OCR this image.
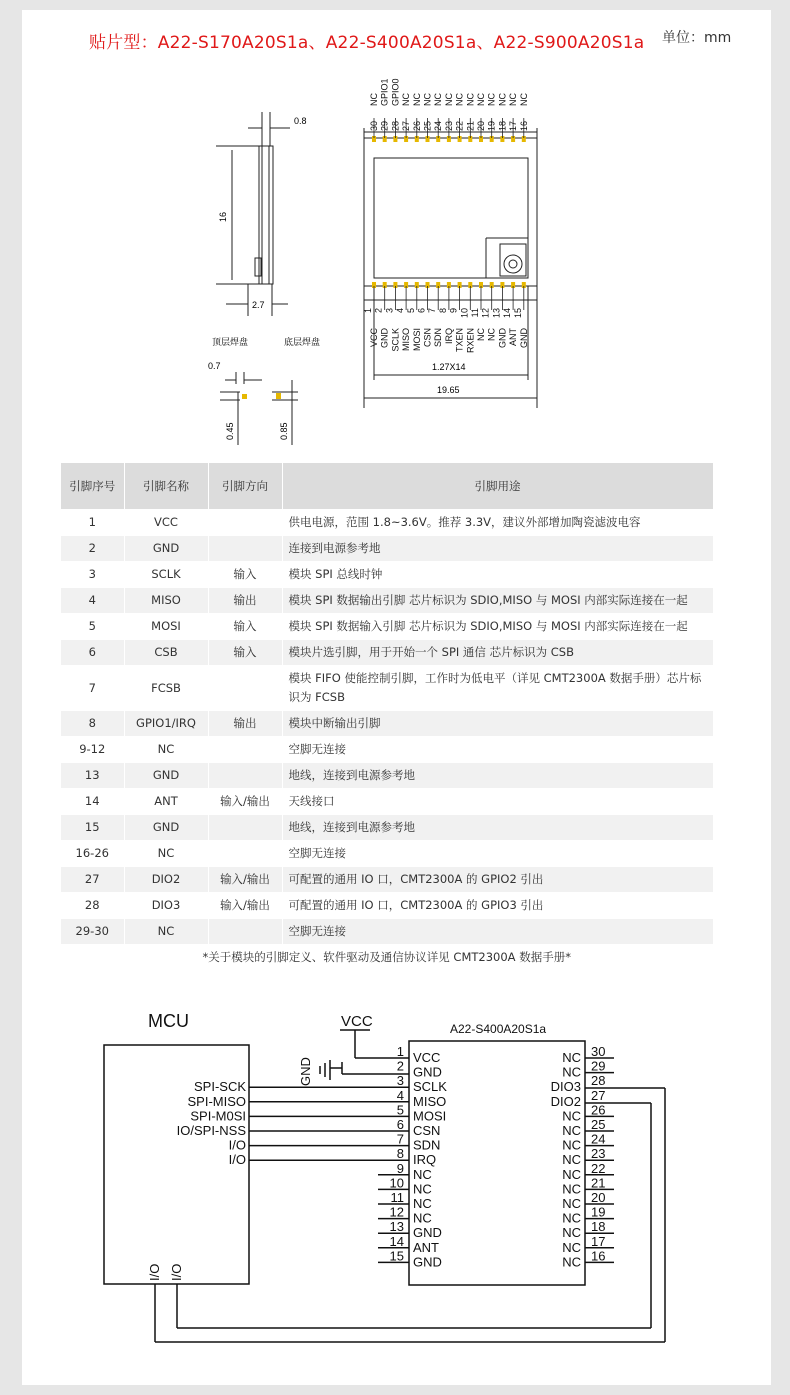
贴片型：A22-S170A20S1a、A22-S400A20S1a、A22-S900A20S1a 单位：mm
30
NC
29
GPIO1
28
GPIO0
27
NC
26
NC
25
NC
24
NC
23
NC
22
NC
21
NC
20
NC
19
NC
18
NC
17
NC
16
NC
1
VCC
2
GND
3
SCLK
4
MISO
5
MOSI
6
CSN
7
SDN
8
IRQ
9
TXEN
10
RXEN
11
NC
12
NC
13
GND
14
ANT
15
GND
0.8
16
2.7
顶层焊盘	底层焊盘
0.7
0.45	0.85
1.27X14
19.65
引脚序号	引脚名称	引脚方向	引脚用途
1	VCC		供电电源，范围 1.8~3.6V。推荐 3.3V，建议外部增加陶瓷滤波电容
2	GND		连接到电源参考地
3	SCLK	输入	模块 SPI 总线时钟
4	MISO	输出	模块 SPI 数据输出引脚 芯片标识为 SDIO,MISO 与 MOSI 内部实际连接在一起
5	MOSI	输入	模块 SPI 数据输入引脚 芯片标识为 SDIO,MISO 与 MOSI 内部实际连接在一起
6	CSB	输入	模块片选引脚，用于开始一个 SPI 通信 芯片标识为 CSB
7	FCSB		模块 FIFO 使能控制引脚，工作时为低电平（详见 CMT2300A 数据手册）芯片标识为 FCSB
8	GPIO1/IRQ	输出	模块中断输出引脚
9-12	NC		空脚无连接
13	GND		地线，连接到电源参考地
14	ANT	输入/输出	天线接口
15	GND		地线，连接到电源参考地
16-26	NC		空脚无连接
27	DIO2	输入/输出	可配置的通用 IO 口，CMT2300A 的 GPIO2 引出
28	DIO3	输入/输出	可配置的通用 IO 口，CMT2300A 的 GPIO3 引出
29-30	NC		空脚无连接
*关于模块的引脚定义、软件驱动及通信协议详见 CMT2300A 数据手册*			
SPI-SCK
SPI-MISO
SPI-M0SI
IO/SPI-NSS
I/O
I/O
1 VCC
2 GND
3 SCLK
4 MISO
5 MOSI
6 CSN
7 SDN
8 IRQ
9 NC
10 NC
11 NC
12 NC
13 GND
14 ANT
15 GND
30
NC
29
NC
28
DIO3
27
DIO2
26
NC
25
NC
24
NC
23
NC
22
NC
21
NC
20
NC
19
NC
18
NC
17
NC
16
NC
MCU	VCC
GND
A22-S400A20S1a
I/O I/O
